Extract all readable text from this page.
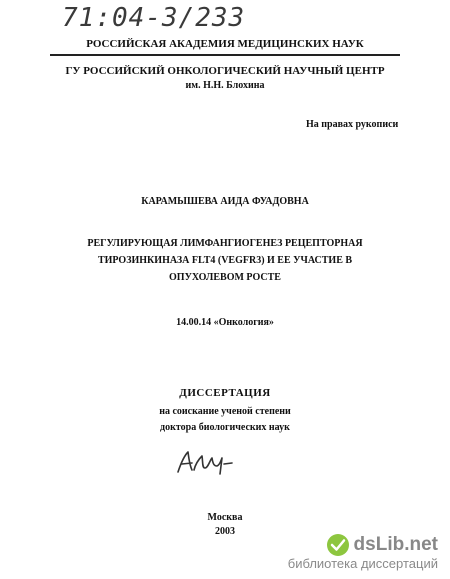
71:04-3/233
РОССИЙСКАЯ АКАДЕМИЯ МЕДИЦИНСКИХ НАУК
ГУ РОССИЙСКИЙ ОНКОЛОГИЧЕСКИЙ НАУЧНЫЙ ЦЕНТР
им. Н.Н. Блохина
На правах рукописи
КАРАМЫШЕВА АИДА ФУАДОВНА
РЕГУЛИРУЮЩАЯ ЛИМФАНГИОГЕНЕЗ РЕЦЕПТОРНАЯ
ТИРОЗИНКИНАЗА FLT4 (VEGFR3) И ЕЕ УЧАСТИЕ В
ОПУХОЛЕВОМ РОСТЕ
14.00.14 «Онкология»
ДИССЕРТАЦИЯ
на соискание ученой степени
доктора биологических наук
Москва
2003
dsLib.net
библиотека диссертаций
